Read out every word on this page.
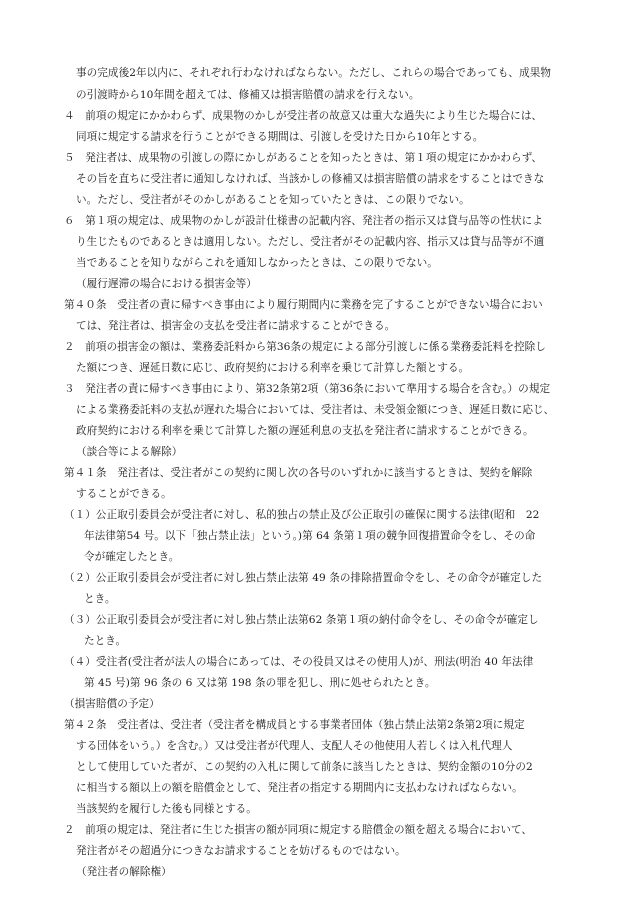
事の完成後2年以内に、それぞれ行わなければならない。ただし、これらの場合であっても、成果物
の引渡時から10年間を超えては、修補又は損害賠償の請求を行えない。
４　前項の規定にかかわらず、成果物のかしが受注者の故意又は重大な過失により生じた場合には、
同項に規定する請求を行うことができる期間は、引渡しを受けた日から10年とする。
５　発注者は、成果物の引渡しの際にかしがあることを知ったときは、第１項の規定にかかわらず、
その旨を直ちに受注者に通知しなければ、当該かしの修補又は損害賠償の請求をすることはできな
い。ただし、受注者がそのかしがあることを知っていたときは、この限りでない。
６　第１項の規定は、成果物のかしが設計仕様書の記載内容、発注者の指示又は貸与品等の性状によ
り生じたものであるときは適用しない。ただし、受注者がその記載内容、指示又は貸与品等が不適
当であることを知りながらこれを通知しなかったときは、この限りでない。
（履行遅滞の場合における損害金等）
第４０条　受注者の責に帰すべき事由により履行期間内に業務を完了することができない場合におい
ては、発注者は、損害金の支払を受注者に請求することができる。
２　前項の損害金の額は、業務委託料から第36条の規定による部分引渡しに係る業務委託料を控除し
た額につき、遅延日数に応じ、政府契約における利率を乗じて計算した額とする。
３　発注者の責に帰すべき事由により、第32条第2項（第36条において準用する場合を含む。）の規定
による業務委託料の支払が遅れた場合においては、受注者は、未受領金額につき、遅延日数に応じ、
政府契約における利率を乗じて計算した額の遅延利息の支払を発注者に請求することができる。
（談合等による解除）
第４１条　発注者は、受注者がこの契約に関し次の各号のいずれかに該当するときは、契約を解除
することができる。
（１）公正取引委員会が受注者に対し、私的独占の禁止及び公正取引の確保に関する法律(昭和　22
年法律第54 号。以下「独占禁止法」という。)第 64 条第１項の競争回復措置命令をし、その命
令が確定したとき。
（２）公正取引委員会が受注者に対し独占禁止法第 49 条の排除措置命令をし、その命令が確定した
とき。
（３）公正取引委員会が受注者に対し独占禁止法第62 条第１項の納付命令をし、その命令が確定し
たとき。
（４）受注者(受注者が法人の場合にあっては、その役員又はその使用人)が、刑法(明治 40 年法律
第 45 号)第 96 条の 6 又は第 198 条の罪を犯し、刑に処せられたとき。
（損害賠償の予定）
第４２条　受注者は、受注者（受注者を構成員とする事業者団体（独占禁止法第2条第2項に規定
する団体をいう。）を含む。）又は受注者が代理人、支配人その他使用人若しくは入札代理人
として使用していた者が、この契約の入札に関して前条に該当したときは、契約金額の10分の2
に相当する額以上の額を賠償金として、発注者の指定する期間内に支払わなければならない。
当該契約を履行した後も同様とする。
２　前項の規定は、発注者に生じた損害の額が同項に規定する賠償金の額を超える場合において、
発注者がその超過分につきなお請求することを妨げるものではない。
（発注者の解除権）
